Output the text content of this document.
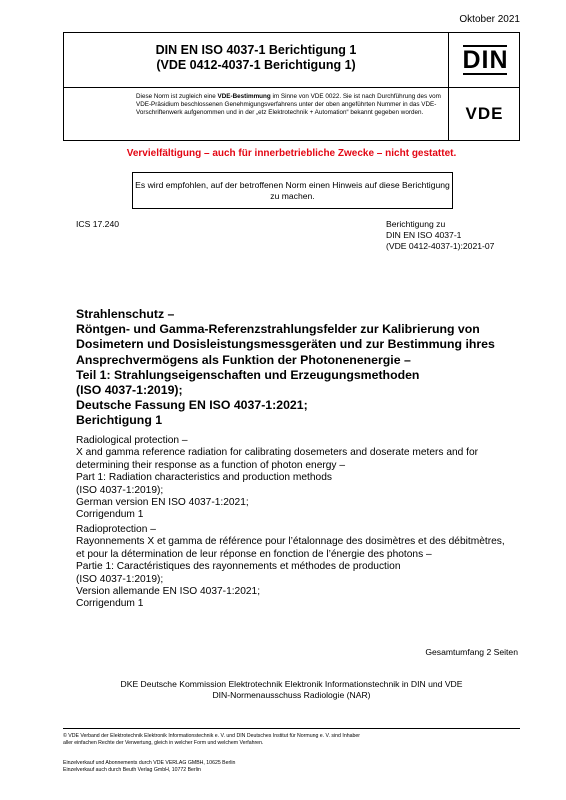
Oktober 2021
DIN EN ISO 4037-1 Berichtigung 1
(VDE 0412-4037-1 Berichtigung 1)	DIN
Diese Norm ist zugleich eine VDE-Bestimmung im Sinne von VDE 0022. Sie ist nach Durchführung des vom VDE-Präsidium beschlossenen Genehmigungsverfahrens unter der oben angeführten Nummer in das VDE-Vorschriftenwerk aufgenommen und in der „etz Elektrotechnik + Automation“ bekannt gegeben worden.	VDE
Vervielfältigung – auch für innerbetriebliche Zwecke – nicht gestattet.
Es wird empfohlen, auf der betroffenen Norm einen Hinweis auf diese Berichtigung zu machen.
ICS 17.240	Berichtigung zu
DIN EN ISO 4037-1
(VDE 0412-4037-1):2021-07
Strahlenschutz –
Röntgen- und Gamma-Referenzstrahlungsfelder zur Kalibrierung von
Dosimetern und Dosisleistungsmessgeräten und zur Bestimmung ihres
Ansprechvermögens als Funktion der Photonenenergie –
Teil 1: Strahlungseigenschaften und Erzeugungsmethoden
(ISO 4037-1:2019);
Deutsche Fassung EN ISO 4037-1:2021;
Berichtigung 1
Radiological protection –
X and gamma reference radiation for calibrating dosemeters and doserate meters and for
determining their response as a function of photon energy –
Part 1: Radiation characteristics and production methods
(ISO 4037-1:2019);
German version EN ISO 4037-1:2021;
Corrigendum 1
Radioprotection –
Rayonnements X et gamma de référence pour l’étalonnage des dosimètres et des débitmètres,
et pour la détermination de leur réponse en fonction de l’énergie des photons –
Partie 1: Caractéristiques des rayonnements et méthodes de production
(ISO 4037-1:2019);
Version allemande EN ISO 4037-1:2021;
Corrigendum 1
Gesamtumfang 2 Seiten
DKE Deutsche Kommission Elektrotechnik Elektronik Informationstechnik in DIN und VDE
DIN-Normenausschuss Radiologie (NAR)
© VDE Verband der Elektrotechnik Elektronik Informationstechnik e. V. und DIN Deutsches Institut für Normung e. V. sind Inhaber
aller einfachen Rechte der Verwertung, gleich in welcher Form und welchem Verfahren.
Einzelverkauf und Abonnements durch VDE VERLAG GMBH, 10625 Berlin
Einzelverkauf auch durch Beuth Verlag GmbH, 10772 Berlin
